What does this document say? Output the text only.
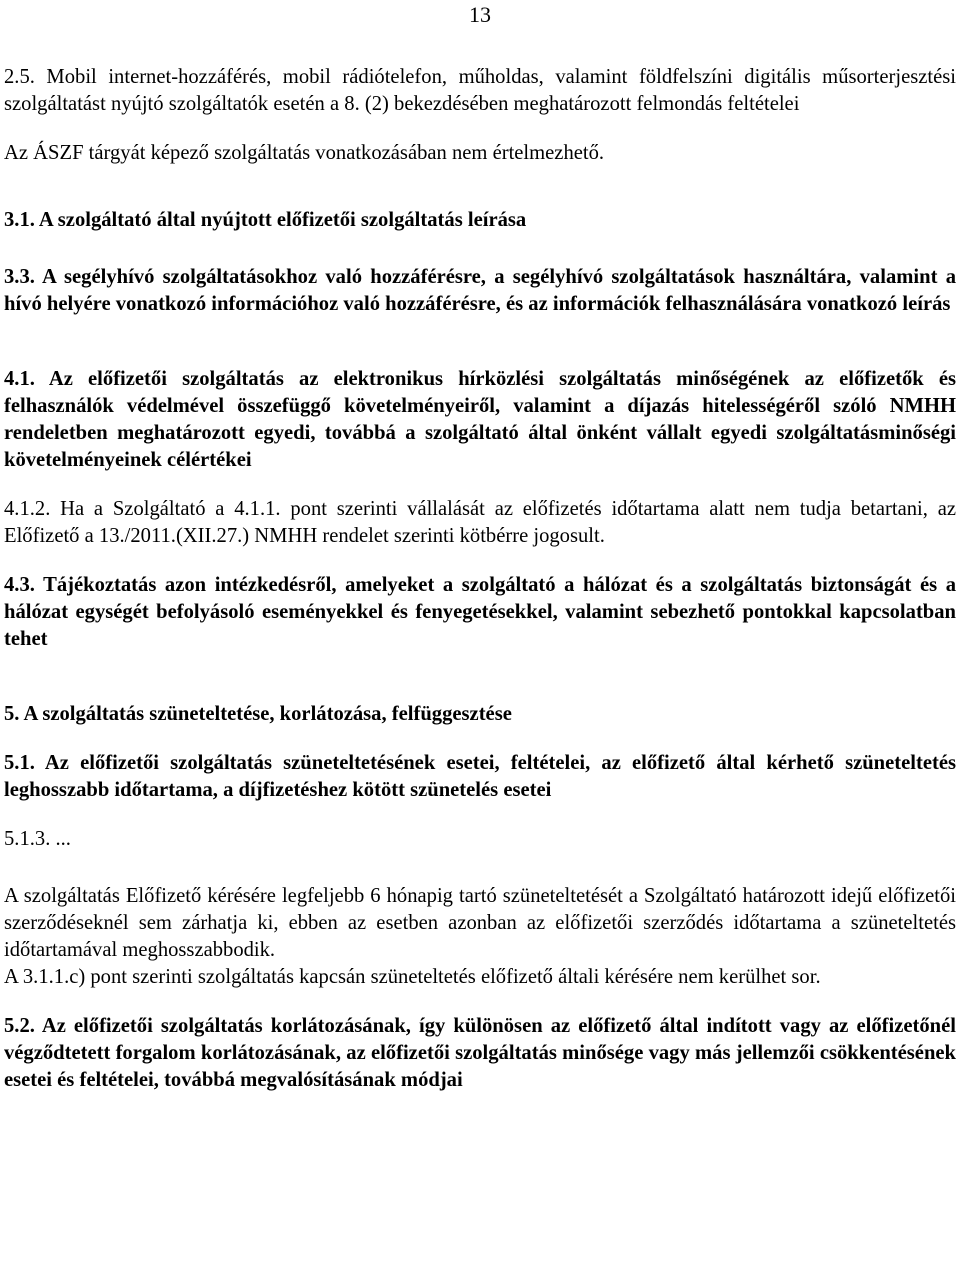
13

2.5. Mobil internet-hozzáférés, mobil rádiótelefon, műholdas, valamint földfelszíni digitális műsorterjesztési szolgáltatást nyújtó szolgáltatók esetén a 8. (2) bekezdésében meghatározott felmondás feltételei

Az ÁSZF tárgyát képező szolgáltatás vonatkozásában nem értelmezhető.

3.1. A szolgáltató által nyújtott előfizetői szolgáltatás leírása

3.3. A segélyhívó szolgáltatásokhoz való hozzáférésre, a segélyhívó szolgáltatások használtára, valamint a hívó helyére vonatkozó információhoz való hozzáférésre, és az információk felhasználására vonatkozó leírás

4.1. Az előfizetői szolgáltatás az elektronikus hírközlési szolgáltatás minőségének az előfizetők és felhasználók védelmével összefüggő követelményeiről, valamint a díjazás hitelességéről szóló NMHH rendeletben meghatározott egyedi, továbbá a szolgáltató által önként vállalt egyedi szolgáltatásminőségi követelményeinek célértékei

4.1.2. Ha a Szolgáltató a 4.1.1. pont szerinti vállalását az előfizetés időtartama alatt nem tudja betartani, az Előfizető a 13./2011.(XII.27.) NMHH rendelet szerinti kötbérre jogosult.

4.3. Tájékoztatás azon intézkedésről, amelyeket a szolgáltató a hálózat és a szolgáltatás biztonságát és a hálózat egységét befolyásoló eseményekkel és fenyegetésekkel, valamint sebezhető pontokkal kapcsolatban tehet

5. A szolgáltatás szüneteltetése, korlátozása, felfüggesztése

5.1. Az előfizetői szolgáltatás szüneteltetésének esetei, feltételei, az előfizető által kérhető szüneteltetés leghosszabb időtartama, a díjfizetéshez kötött szünetelés esetei

5.1.3. ...

A szolgáltatás Előfizető kérésére legfeljebb 6 hónapig tartó szüneteltetését a Szolgáltató határozott idejű előfizetői szerződéseknél sem zárhatja ki, ebben az esetben azonban az előfizetői szerződés időtartama a szüneteltetés időtartamával meghosszabbodik.

A 3.1.1.c) pont szerinti szolgáltatás kapcsán szüneteltetés előfizető általi kérésére nem kerülhet sor.

5.2. Az előfizetői szolgáltatás korlátozásának, így különösen az előfizető által indított vagy az előfizetőnél végződtetett forgalom korlátozásának, az előfizetői szolgáltatás minősége vagy más jellemzői csökkentésének esetei és feltételei, továbbá megvalósításának módjai
